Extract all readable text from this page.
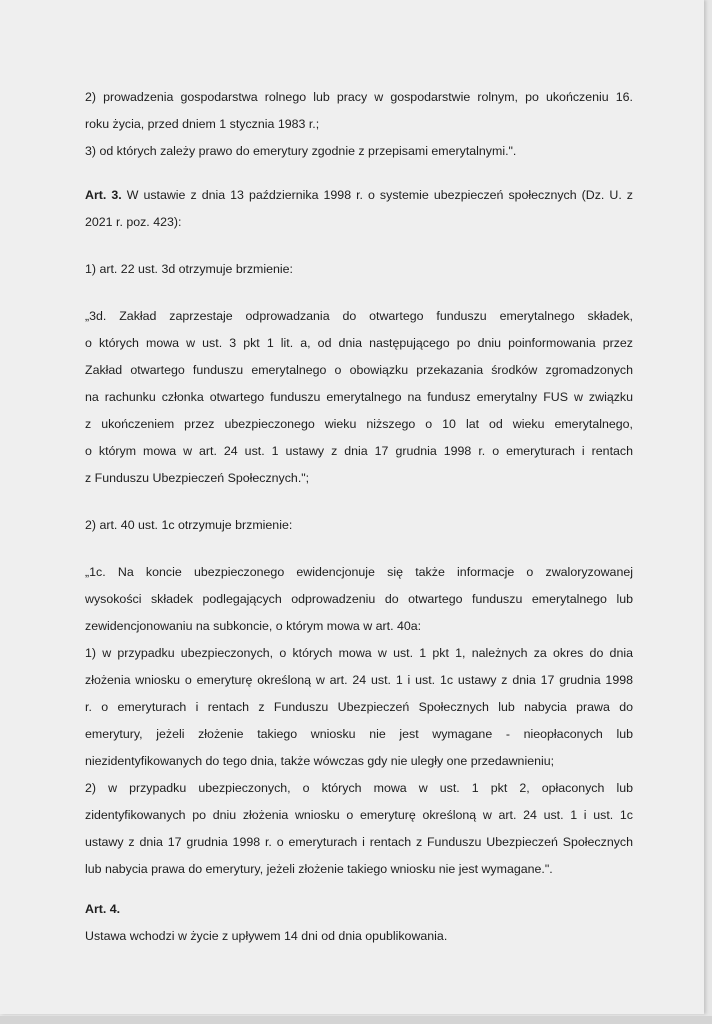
2) prowadzenia gospodarstwa rolnego lub pracy w gospodarstwie rolnym, po ukończeniu 16.
roku życia, przed dniem 1 stycznia 1983 r.;
3) od których zależy prawo do emerytury zgodnie z przepisami emerytalnymi.".
Art. 3. W ustawie z dnia 13 października 1998 r. o systemie ubezpieczeń społecznych (Dz. U. z
2021 r. poz. 423):
1) art. 22 ust. 3d otrzymuje brzmienie:
„3d. Zakład zaprzestaje odprowadzania do otwartego funduszu emerytalnego składek,
o których mowa w ust. 3 pkt 1 lit. a, od dnia następującego po dniu poinformowania przez
Zakład otwartego funduszu emerytalnego o obowiązku przekazania środków zgromadzonych
na rachunku członka otwartego funduszu emerytalnego na fundusz emerytalny FUS w związku
z ukończeniem przez ubezpieczonego wieku niższego o 10 lat od wieku emerytalnego,
o którym mowa w art. 24 ust. 1 ustawy z dnia 17 grudnia 1998 r. o emeryturach i rentach
z Funduszu Ubezpieczeń Społecznych.";
2) art. 40 ust. 1c otrzymuje brzmienie:
„1c. Na koncie ubezpieczonego ewidencjonuje się także informacje o zwaloryzowanej
wysokości składek podlegających odprowadzeniu do otwartego funduszu emerytalnego lub
zewidencjonowaniu na subkoncie, o którym mowa w art. 40a:
1) w przypadku ubezpieczonych, o których mowa w ust. 1 pkt 1, należnych za okres do dnia
złożenia wniosku o emeryturę określoną w art. 24 ust. 1 i ust. 1c ustawy z dnia 17 grudnia 1998
r. o emeryturach i rentach z Funduszu Ubezpieczeń Społecznych lub nabycia prawa do
emerytury, jeżeli złożenie takiego wniosku nie jest wymagane - nieopłaconych lub
niezidentyfikowanych do tego dnia, także wówczas gdy nie uległy one przedawnieniu;
2) w przypadku ubezpieczonych, o których mowa w ust. 1 pkt 2, opłaconych lub
zidentyfikowanych po dniu złożenia wniosku o emeryturę określoną w art. 24 ust. 1 i ust. 1c
ustawy z dnia 17 grudnia 1998 r. o emeryturach i rentach z Funduszu Ubezpieczeń Społecznych
lub nabycia prawa do emerytury, jeżeli złożenie takiego wniosku nie jest wymagane.".
Art. 4.
Ustawa wchodzi w życie z upływem 14 dni od dnia opublikowania.
